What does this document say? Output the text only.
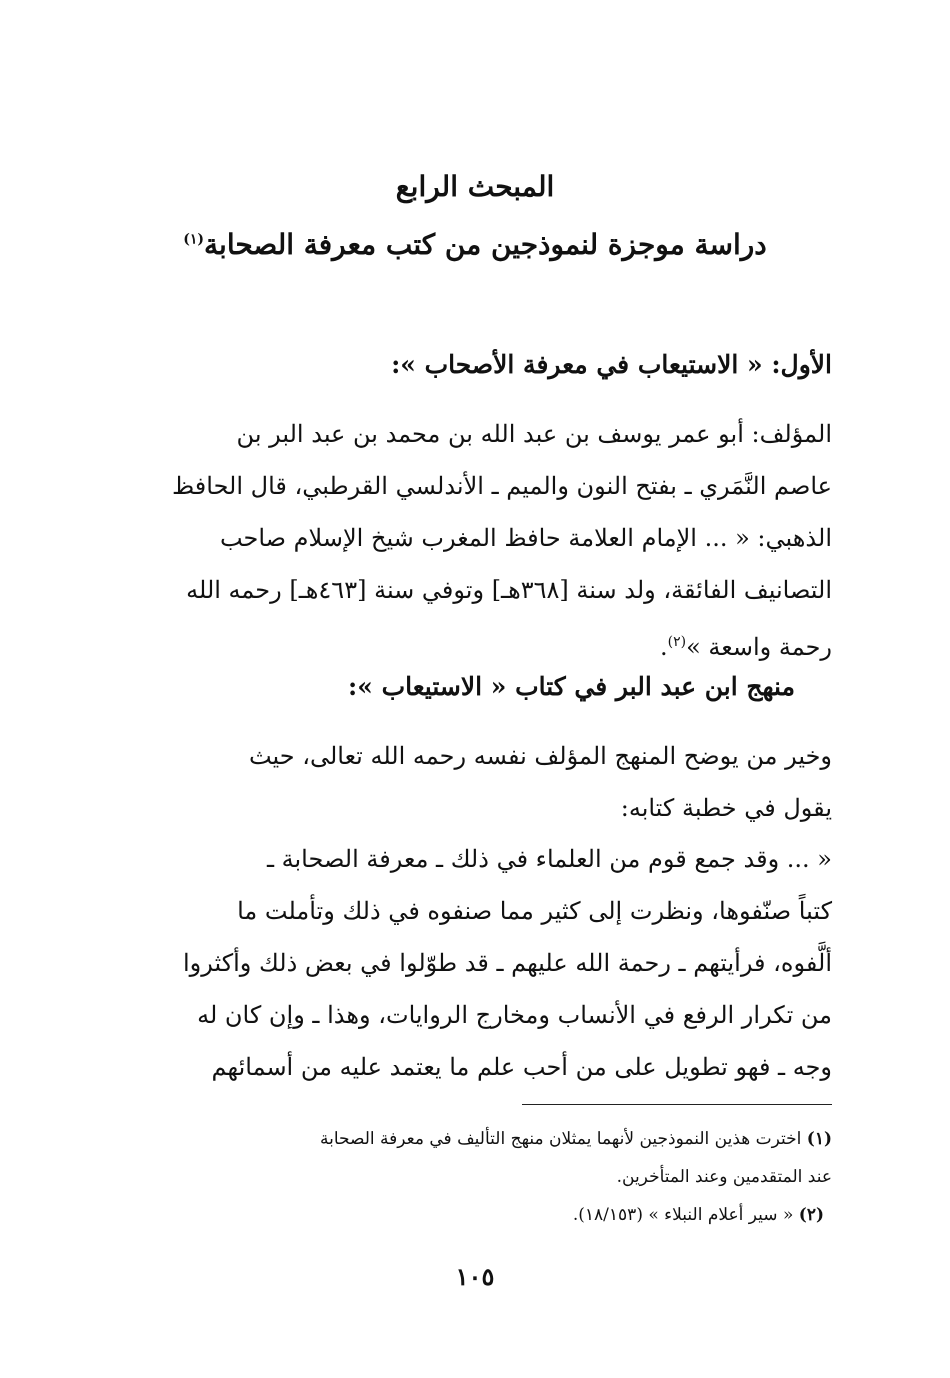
المبحث الرابع
دراسة موجزة لنموذجين من كتب معرفة الصحابة$^{(١)}$
الأول: « الاستيعاب في معرفة الأصحاب »:

المؤلف: أبو عمر يوسف بن عبد الله بن محمد بن عبد البر بن

عاصم النَّمَري ـ بفتح النون والميم ـ الأندلسي القرطبي، قال الحافظ

الذهبي: « ... الإمام العلامة حافظ المغرب شيخ الإسلام صاحب

التصانيف الفائقة، ولد سنة [٣٦٨هـ] وتوفي سنة [٤٦٣هـ] رحمه الله

رحمة واسعة »$^{(٢)}$.

منهج ابن عبد البر في كتاب « الاستيعاب »:

وخير من يوضح المنهج المؤلف نفسه رحمه الله تعالى، حيث

يقول في خطبة كتابه:

« ... وقد جمع قوم من العلماء في ذلك ـ معرفة الصحابة ـ

كتباً صنّفوها، ونظرت إلى كثير مما صنفوه في ذلك وتأملت ما

ألَّفوه، فرأيتهم ـ رحمة الله عليهم ـ قد طوّلوا في بعض ذلك وأكثروا

من تكرار الرفع في الأنساب ومخارج الروايات، وهذا ـ وإن كان له

وجه ـ فهو تطويل على من أحب علم ما يعتمد عليه من أسمائهم

(١) اخترت هذين النموذجين لأنهما يمثلان منهج التأليف في معرفة الصحابة

عند المتقدمين وعند المتأخرين.

(٢) « سير أعلام النبلاء » (١٨/١٥٣).

١٠٥
